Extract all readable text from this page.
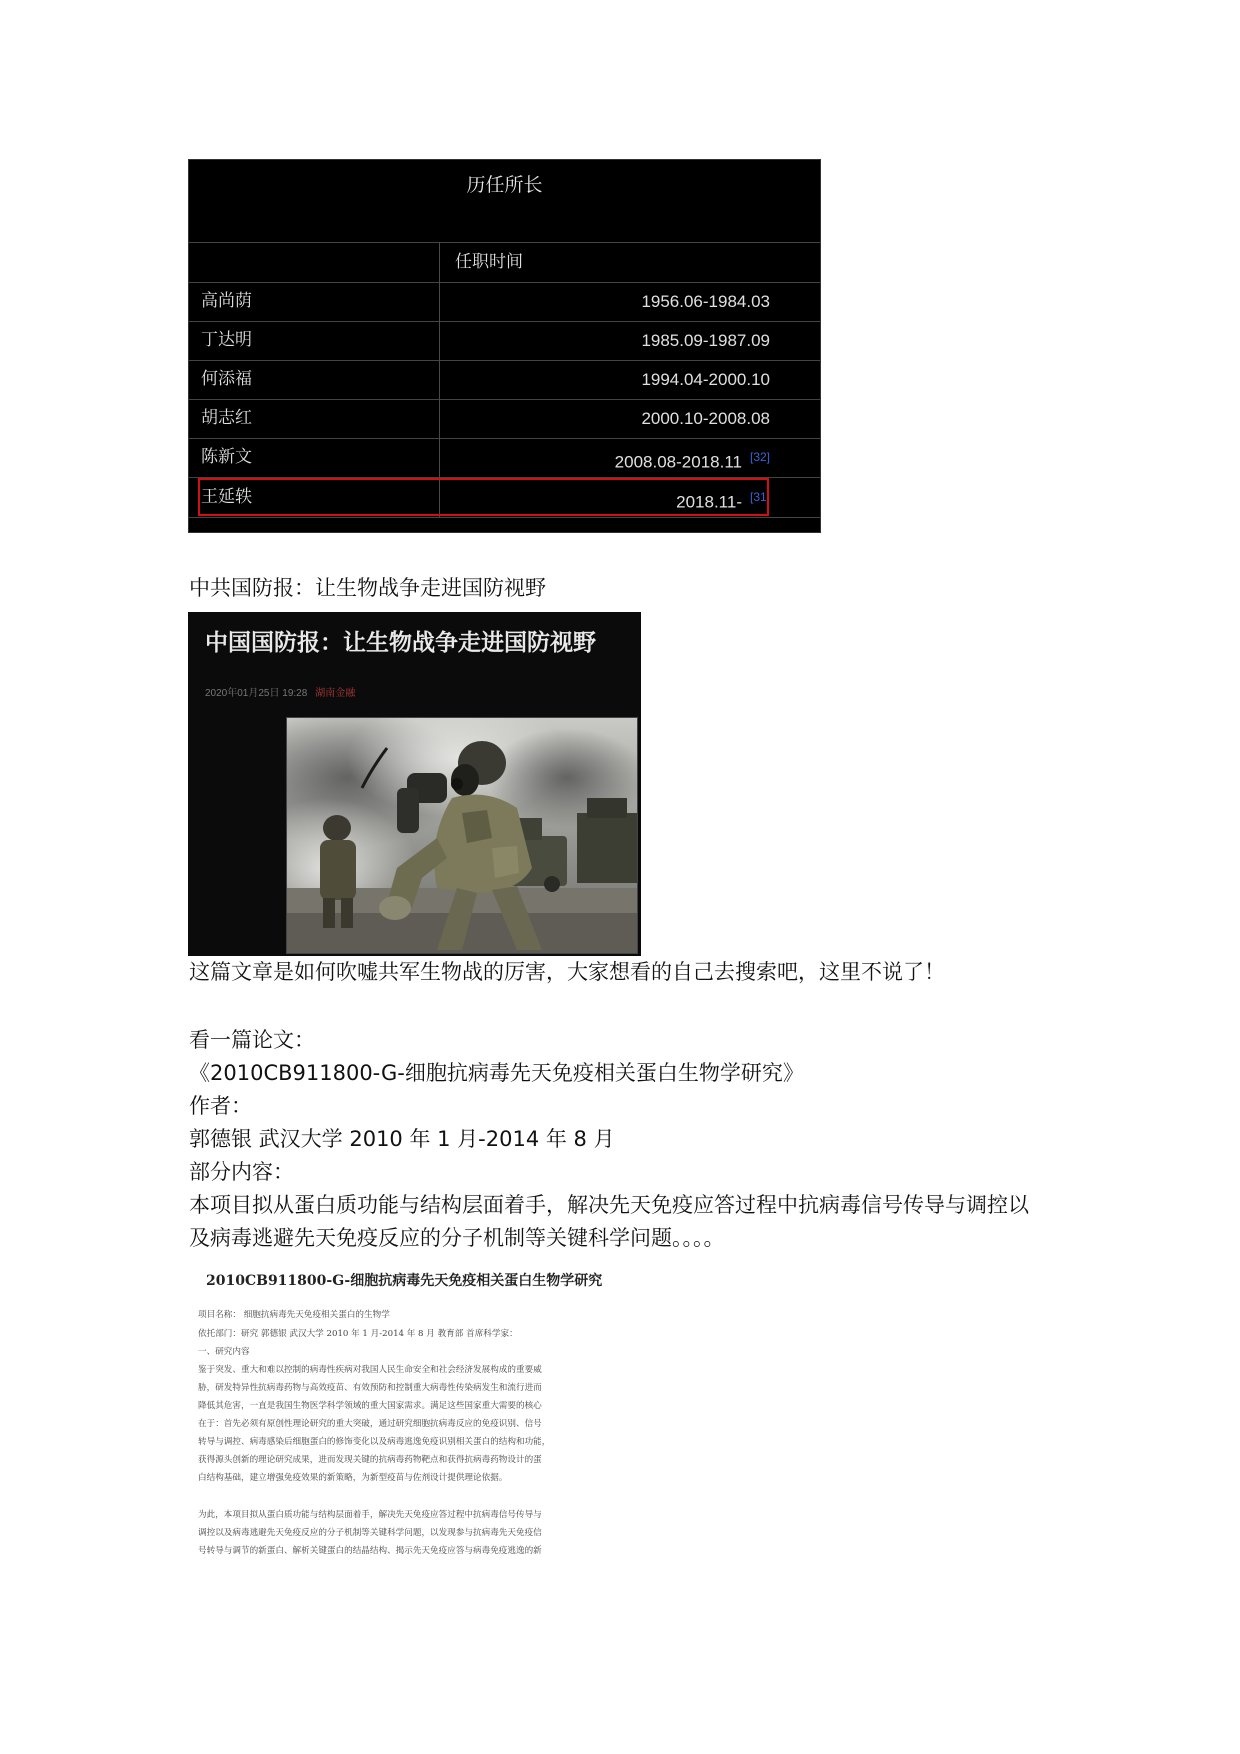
历任所长
任职时间
高尚荫	1956.06-1984.03
丁达明	1985.09-1987.09
何添福	1994.04-2000.10
胡志红	2000.10-2008.08
陈新文	2008.08-2018.11 [32]
王延轶	2018.11- [31]
中共国防报：让生物战争走进国防视野
中国国防报：让生物战争走进国防视野
2020年01月25日 19:28 湖南金融
这篇文章是如何吹嘘共军生物战的厉害，大家想看的自己去搜索吧，这里不说了！
看一篇论文：
《2010CB911800-G-细胞抗病毒先天免疫相关蛋白生物学研究》
作者：
郭德银 武汉大学 2010 年 1 月-2014 年 8 月
部分内容：
本项目拟从蛋白质功能与结构层面着手，解决先天免疫应答过程中抗病毒信号传导与调控以
及病毒逃避先天免疫反应的分子机制等关键科学问题。。。。
2010CB911800-G-细胞抗病毒先天免疫相关蛋白生物学研究
项目名称： 细胞抗病毒先天免疫相关蛋白的生物学
依托部门：研究 郭德银 武汉大学 2010 年 1 月-2014 年 8 月 教育部 首席科学家：
一、研究内容
鉴于突发、重大和难以控制的病毒性疾病对我国人民生命安全和社会经济发展构成的重要威
胁，研发特异性抗病毒药物与高效疫苗、有效预防和控制重大病毒性传染病发生和流行进而
降低其危害，一直是我国生物医学科学领域的重大国家需求。满足这些国家重大需要的核心
在于：首先必须有原创性理论研究的重大突破，通过研究细胞抗病毒反应的免疫识别、信号
转导与调控、病毒感染后细胞蛋白的修饰变化以及病毒逃逸免疫识别相关蛋白的结构和功能，
获得源头创新的理论研究成果，进而发现关键的抗病毒药物靶点和获得抗病毒药物设计的蛋
白结构基础，建立增强免疫效果的新策略，为新型疫苗与佐剂设计提供理论依据。
为此，本项目拟从蛋白质功能与结构层面着手，解决先天免疫应答过程中抗病毒信号传导与
调控以及病毒逃避先天免疫反应的分子机制等关键科学问题，以发现参与抗病毒先天免疫信
号转导与调节的新蛋白、解析关键蛋白的结晶结构、揭示先天免疫应答与病毒免疫逃逸的新
